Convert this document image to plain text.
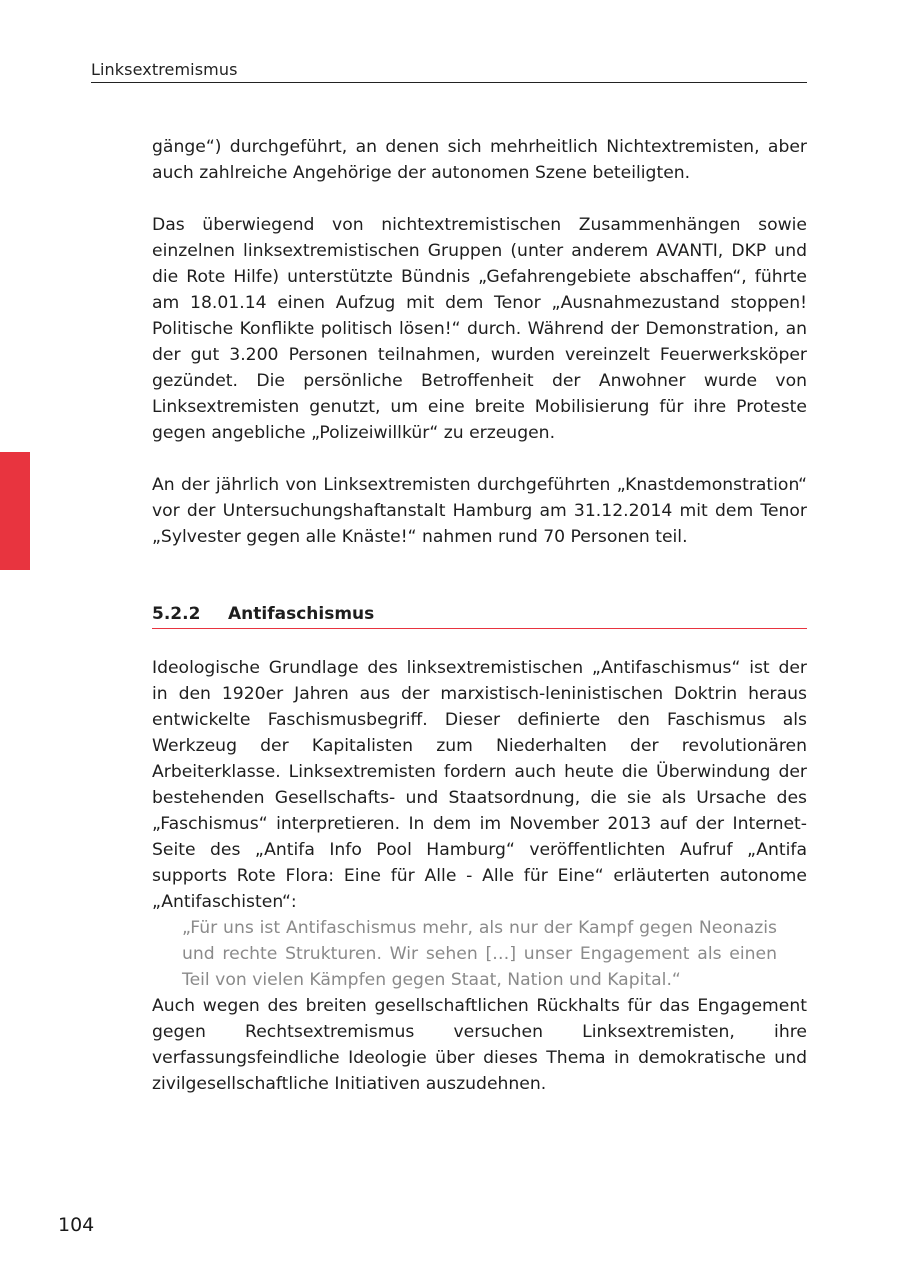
Linksextremismus

gänge“) durchgeführt, an denen sich mehrheitlich Nichtextremisten, aber auch zahlreiche Angehörige der autonomen Szene beteiligten.

Das überwiegend von nichtextremistischen Zusammenhängen sowie einzelnen linksextremistischen Gruppen (unter anderem AVANTI, DKP und die Rote Hilfe) unterstützte Bündnis „Gefahrengebiete abschaffen“, führte am 18.01.14 einen Aufzug mit dem Tenor „Ausnahmezustand stoppen! Politische Konflikte politisch lösen!“ durch. Während der Demonstration, an der gut 3.200 Personen teilnahmen, wurden vereinzelt Feuerwerksköper gezündet. Die persönliche Betroffenheit der Anwohner wurde von Linksextremisten genutzt, um eine breite Mobilisierung für ihre Proteste gegen angebliche „Polizeiwillkür“ zu erzeugen.

An der jährlich von Linksextremisten durchgeführten „Knastdemonstration“ vor der Untersuchungshaftanstalt Hamburg am 31.12.2014 mit dem Tenor „Sylvester gegen alle Knäste!“ nahmen rund 70 Personen teil.

5.2.2 Antifaschismus

Ideologische Grundlage des linksextremistischen „Antifaschismus“ ist der in den 1920er Jahren aus der marxistisch-leninistischen Doktrin heraus entwickelte Faschismusbegriff. Dieser definierte den Faschismus als Werkzeug der Kapitalisten zum Niederhalten der revolutionären Arbeiterklasse. Linksextremisten fordern auch heute die Überwindung der bestehenden Gesellschafts- und Staatsordnung, die sie als Ursache des „Faschismus“ interpretieren. In dem im November 2013 auf der Internet-Seite des „Antifa Info Pool Hamburg“ veröffentlichten Aufruf „Antifa supports Rote Flora: Eine für Alle - Alle für Eine“ erläuterten autonome „Antifaschisten“:

„Für uns ist Antifaschismus mehr, als nur der Kampf gegen Neonazis und rechte Strukturen. Wir sehen […] unser Engagement als einen Teil von vielen Kämpfen gegen Staat, Nation und Kapital.“

Auch wegen des breiten gesellschaftlichen Rückhalts für das Engagement gegen Rechtsextremismus versuchen Linksextremisten, ihre verfassungsfeindliche Ideologie über dieses Thema in demokratische und zivilgesellschaftliche Initiativen auszudehnen.

104
